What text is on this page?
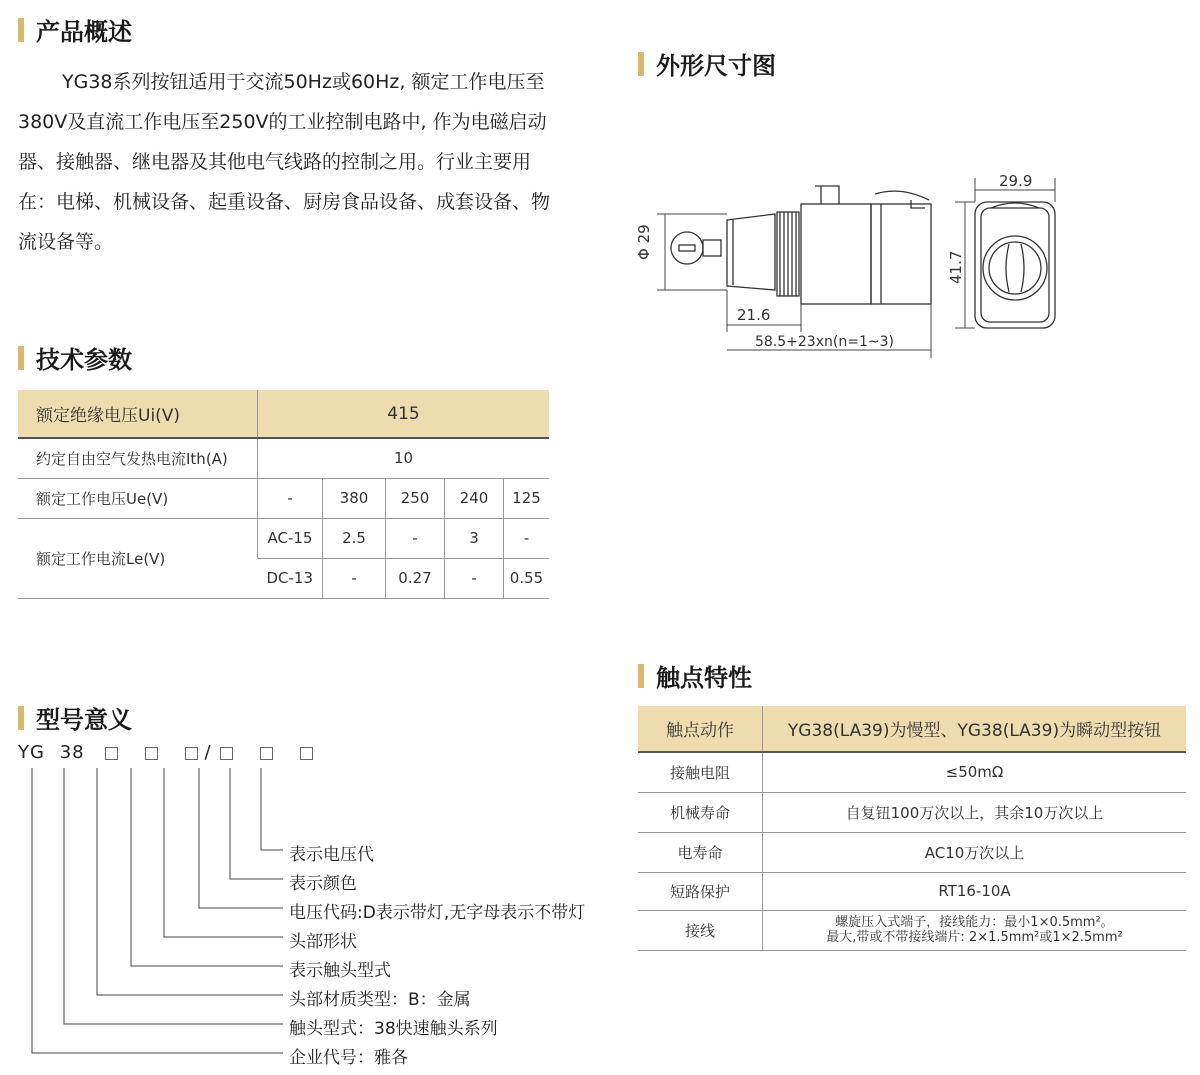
产品概述
外形尺寸图
技术参数
触点特性
型号意义
YG38系列按钮适用于交流50Hz或60Hz, 额定工作电压至380V及直流工作电压至250V的工业控制电路中, 作为电磁启动器、接触器、继电器及其他电气线路的控制之用。行业主要用在：电梯、机械设备、起重设备、厨房食品设备、成套设备、物流设备等。	Φ 29
21.6
58.5+23xn(n=1~3)
29.9
41.7
额定绝缘电压Ui(V)	415				
约定自由空气发热电流Ith(A)	10				
额定工作电压Ue(V)	-	380	250	240	125
额定工作电流Le(V)	AC-15	2.5	-	3	-
	DC-13	-	0.27	-	0.55
触点动作	YG38(LA39)为慢型、YG38(LA39)为瞬动型按钮
接触电阻	≤50mΩ
机械寿命	自复钮100万次以上，其余10万次以上
电寿命	AC10万次以上
短路保护	RT16-10A
接线	螺旋压入式端子，接线能力：最小1×0.5mm²。
最大,带或不带接线端片: 2×1.5mm²或1×2.5mm²
YG 38	/
表示电压代
表示颜色
电压代码:D表示带灯,无字母表示不带灯
头部形状
表示触头型式
头部材质类型：B：金属
触头型式：38快速触头系列
企业代号：雅各
